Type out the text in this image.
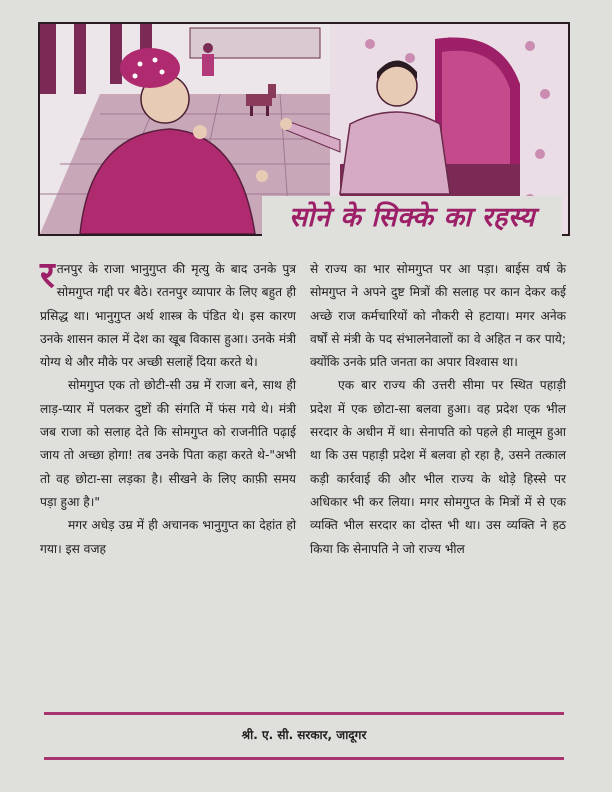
सोने के सिक्के का रहस्य

रतनपुर के राजा भानुगुप्त की मृत्यु के बाद उनके पुत्र सोमगुप्त गद्दी पर बैठे। रतनपुर व्यापार के लिए बहुत ही प्रसिद्ध था। भानुगुप्त अर्थ शास्त्र के पंडित थे। इस कारण उनके शासन काल में देश का खूब विकास हुआ। उनके मंत्री योग्य थे और मौके पर अच्छी सलाहें दिया करते थे।

सोमगुप्त एक तो छोटी-सी उम्र में राजा बने, साथ ही लाड़-प्यार में पलकर दुष्टों की संगति में फंस गये थे। मंत्री जब राजा को सलाह देते कि सोमगुप्त को राजनीति पढ़ाई जाय तो अच्छा होगा! तब उनके पिता कहा करते थे-"अभी तो वह छोटा-सा लड़का है। सीखने के लिए काफ़ी समय पड़ा हुआ है।"

मगर अधेड़ उम्र में ही अचानक भानुगुप्त का देहांत हो गया। इस वजह

से राज्य का भार सोमगुप्त पर आ पड़ा। बाईस वर्ष के सोमगुप्त ने अपने दुष्ट मित्रों की सलाह पर कान देकर कई अच्छे राज कर्मचारियों को नौकरी से हटाया। मगर अनेक वर्षों से मंत्री के पद संभालनेवालों का वे अहित न कर पाये; क्योंकि उनके प्रति जनता का अपार विश्वास था।

एक बार राज्य की उत्तरी सीमा पर स्थित पहाड़ी प्रदेश में एक छोटा-सा बलवा हुआ। वह प्रदेश एक भील सरदार के अधीन में था। सेनापति को पहले ही मालूम हुआ था कि उस पहाड़ी प्रदेश में बलवा हो रहा है, उसने तत्काल कड़ी कार्रवाई की और भील राज्य के थोड़े हिस्से पर अधिकार भी कर लिया। मगर सोमगुप्त के मित्रों में से एक व्यक्ति भील सरदार का दोस्त भी था। उस व्यक्ति ने हठ किया कि सेनापति ने जो राज्य भील

श्री. ए. सी. सरकार, जादूगर
